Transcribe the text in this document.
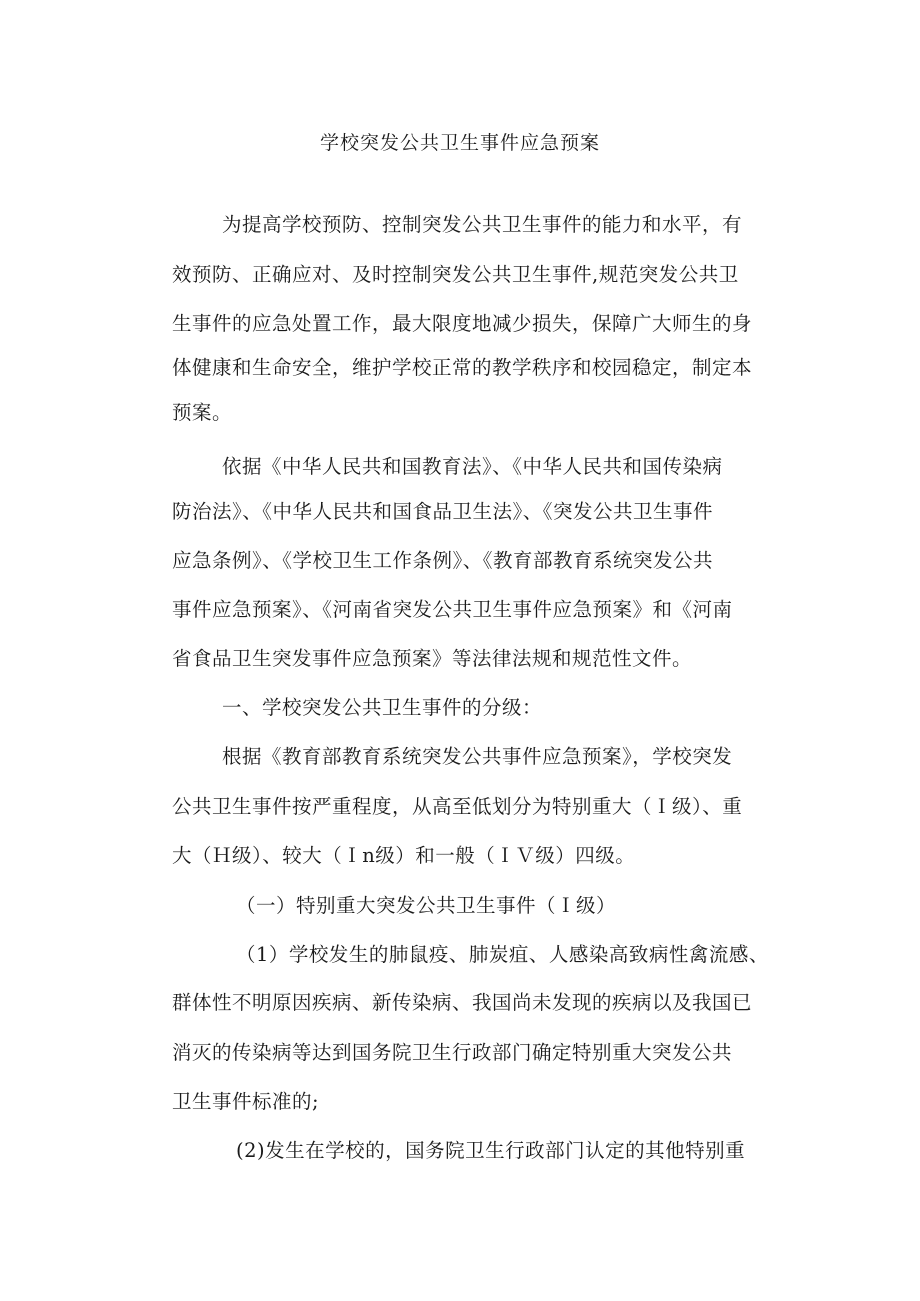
学校突发公共卫生事件应急预案
为提高学校预防、控制突发公共卫生事件的能力和水平，有
效预防、正确应对、及时控制突发公共卫生事件,规范突发公共卫
生事件的应急处置工作，最大限度地减少损失，保障广大师生的身
体健康和生命安全，维护学校正常的教学秩序和校园稳定，制定本
预案。
依据《中华人民共和国教育法》、《中华人民共和国传染病
防治法》、《中华人民共和国食品卫生法》、《突发公共卫生事件
应急条例》、《学校卫生工作条例》、《教育部教育系统突发公共
事件应急预案》、《河南省突发公共卫生事件应急预案》和《河南
省食品卫生突发事件应急预案》等法律法规和规范性文件。
一、学校突发公共卫生事件的分级：
根据《教育部教育系统突发公共事件应急预案》，学校突发
公共卫生事件按严重程度，从高至低划分为特别重大（Ｉ级）、重
大（Ｈ级）、较大（Ｉn级）和一般（ＩＶ级）四级。
（一）特别重大突发公共卫生事件（Ｉ级）
（1）学校发生的肺鼠疫、肺炭疽、人感染高致病性禽流感、
群体性不明原因疾病、新传染病、我国尚未发现的疾病以及我国已
消灭的传染病等达到国务院卫生行政部门确定特别重大突发公共
卫生事件标准的;
(2)发生在学校的，国务院卫生行政部门认定的其他特别重
